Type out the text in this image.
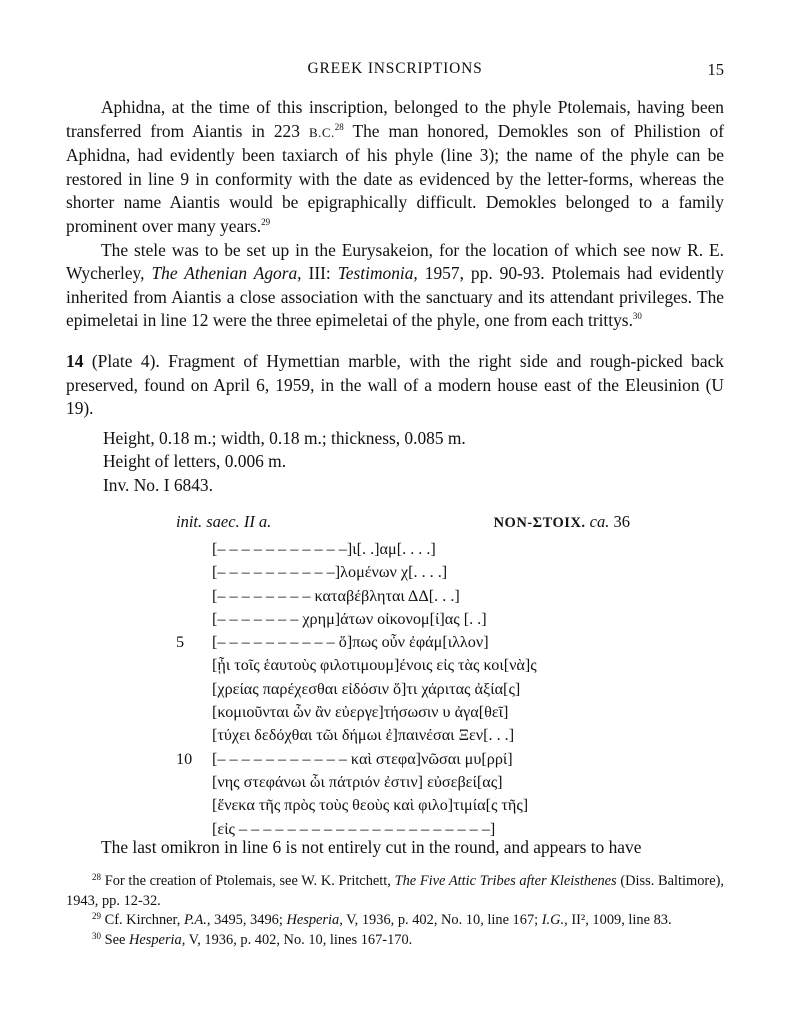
GREEK INSCRIPTIONS	15

Aphidna, at the time of this inscription, belonged to the phyle Ptolemais, having been transferred from Aiantis in 223 B.C.$^{28}$ The man honored, Demokles son of Philistion of Aphidna, had evidently been taxiarch of his phyle (line 3); the name of the phyle can be restored in line 9 in conformity with the date as evidenced by the letter-forms, whereas the shorter name Aiantis would be epigraphically difficult. Demokles belonged to a family prominent over many years.$^{29}$

The stele was to be set up in the Eurysakeion, for the location of which see now R. E. Wycherley, The Athenian Agora, III: Testimonia, 1957, pp. 90-93. Ptolemais had evidently inherited from Aiantis a close association with the sanctuary and its attendant privileges. The epimeletai in line 12 were the three epimeletai of the phyle, one from each trittys.$^{30}$

14 (Plate 4). Fragment of Hymettian marble, with the right side and rough-picked back preserved, found on April 6, 1959, in the wall of a modern house east of the Eleusinion (U 19).
Height, 0.18 m.; width, 0.18 m.; thickness, 0.085 m.
Height of letters, 0.006 m.
Inv. No. I 6843.
init. saec. II a.	NON-ΣTOIX. ca. 36
[– – – – – – – – – – –]ι[. .]αμ[. . . .]
[– – – – – – – – – –]λομένων χ[. . . .]
[– – – – – – – – καταβέβληται ΔΔ[. . .]
[– – – – – – – χρημ]άτων οἰκονομ[ί]ας [. .]
5	[– – – – – – – – – – ὅ]πως οὖν ἐφάμ[ιλλον]
[ᾖι τοῖς ἑαυτοὺς φιλοτιμουμ]ένοις εἰς τὰς κοι[νὰ]ς
[χρείας παρέχεσθαι εἰδόσιν ὅ]τι χάριτας ἀξία[ς]
[κομιοῦνται ὧν ἂν εὐεργε]τήσωσιν υ ἀγα[θεῖ]
[τύχει δεδόχθαι τῶι δήμωι ἐ]παινέσαι Ξεν[. . .]
10 [– – – – – – – – – – – καὶ στεφα]νῶσαι μυ[ρρί]
[νης στεφάνωι ὧι πάτριόν ἐστιν] εὐσεβεί[ας]
[ἕνεκα τῆς πρὸς τοὺς θεοὺς καὶ φιλο]τιμία[ς τῆς]
[εἰς – – – – – – – – – – – – – – – – – – – – –]
The last omikron in line 6 is not entirely cut in the round, and appears to have

$^{28}$ For the creation of Ptolemais, see W. K. Pritchett, The Five Attic Tribes after Kleisthenes (Diss. Baltimore), 1943, pp. 12-32.

$^{29}$ Cf. Kirchner, P.A., 3495, 3496; Hesperia, V, 1936, p. 402, No. 10, line 167; I.G., II², 1009, line 83.

$^{30}$ See Hesperia, V, 1936, p. 402, No. 10, lines 167-170.
